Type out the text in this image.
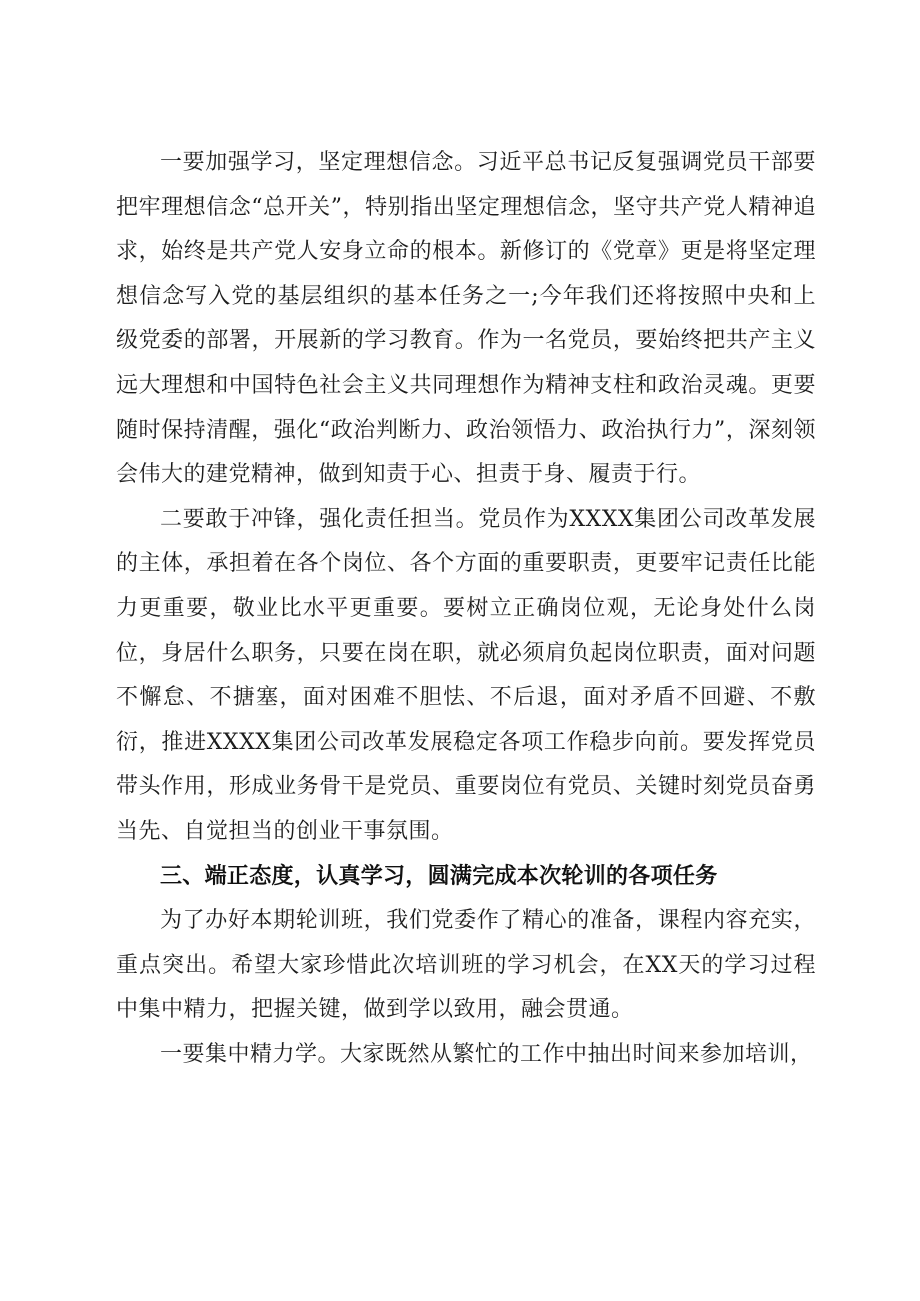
一要加强学习，坚定理想信念。习近平总书记反复强调党员干部要把牢理想信念“总开关”，特别指出坚定理想信念，坚守共产党人精神追求，始终是共产党人安身立命的根本。新修订的《党章》更是将坚定理想信念写入党的基层组织的基本任务之一;今年我们还将按照中央和上级党委的部署，开展新的学习教育。作为一名党员，要始终把共产主义远大理想和中国特色社会主义共同理想作为精神支柱和政治灵魂。更要随时保持清醒，强化“政治判断力、政治领悟力、政治执行力”，深刻领会伟大的建党精神，做到知责于心、担责于身、履责于行。

二要敢于冲锋，强化责任担当。党员作为XXXX集团公司改革发展的主体，承担着在各个岗位、各个方面的重要职责，更要牢记责任比能力更重要，敬业比水平更重要。要树立正确岗位观，无论身处什么岗位，身居什么职务，只要在岗在职，就必须肩负起岗位职责，面对问题不懈怠、不搪塞，面对困难不胆怯、不后退，面对矛盾不回避、不敷衍，推进XXXX集团公司改革发展稳定各项工作稳步向前。要发挥党员带头作用，形成业务骨干是党员、重要岗位有党员、关键时刻党员奋勇当先、自觉担当的创业干事氛围。

三、端正态度，认真学习，圆满完成本次轮训的各项任务

为了办好本期轮训班，我们党委作了精心的准备，课程内容充实，重点突出。希望大家珍惜此次培训班的学习机会，在XX天的学习过程中集中精力，把握关键，做到学以致用，融会贯通。

一要集中精力学。大家既然从繁忙的工作中抽出时间来参加培训，
